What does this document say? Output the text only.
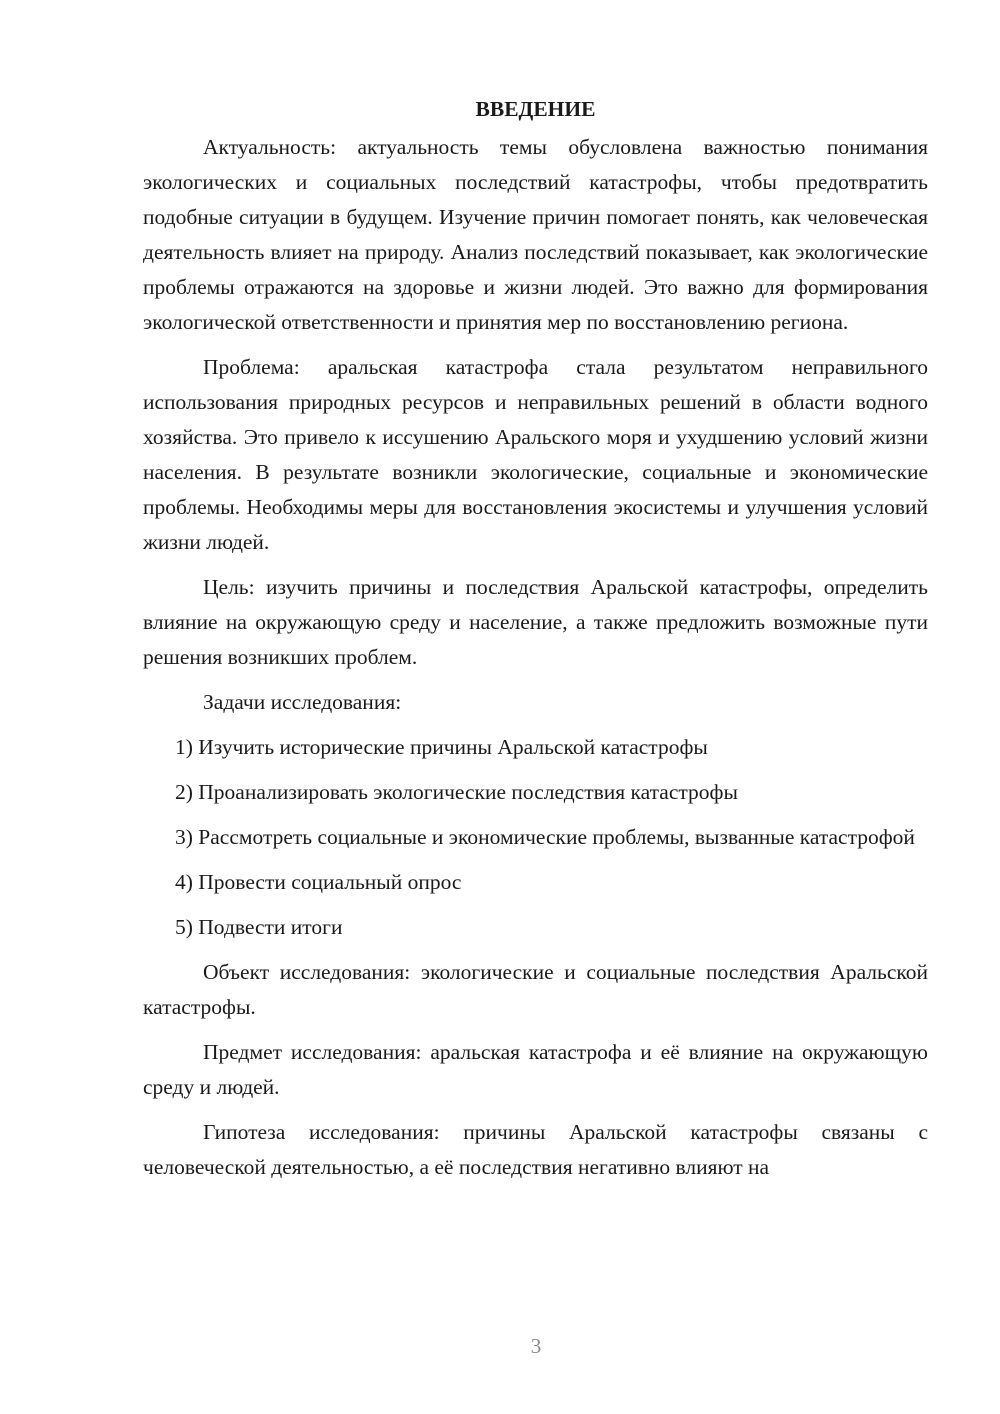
ВВЕДЕНИЕ

Актуальность: актуальность темы обусловлена важностью понимания экологических и социальных последствий катастрофы, чтобы предотвратить подобные ситуации в будущем. Изучение причин помогает понять, как человеческая деятельность влияет на природу. Анализ последствий показывает, как экологические проблемы отражаются на здоровье и жизни людей. Это важно для формирования экологической ответственности и принятия мер по восстановлению региона.

Проблема: аральская катастрофа стала результатом неправильного использования природных ресурсов и неправильных решений в области водного хозяйства. Это привело к иссушению Аральского моря и ухудшению условий жизни населения. В результате возникли экологические, социальные и экономические проблемы. Необходимы меры для восстановления экосистемы и улучшения условий жизни людей.

Цель: изучить причины и последствия Аральской катастрофы, определить влияние на окружающую среду и население, а также предложить возможные пути решения возникших проблем.

Задачи исследования:

1) Изучить исторические причины Аральской катастрофы

2) Проанализировать экологические последствия катастрофы

3) Рассмотреть социальные и экономические проблемы, вызванные катастрофой

4) Провести социальный опрос

5) Подвести итоги

Объект исследования: экологические и социальные последствия Аральской катастрофы.

Предмет исследования: аральская катастрофа и её влияние на окружающую среду и людей.

Гипотеза исследования: причины Аральской катастрофы связаны с человеческой деятельностью, а её последствия негативно влияют на

3
